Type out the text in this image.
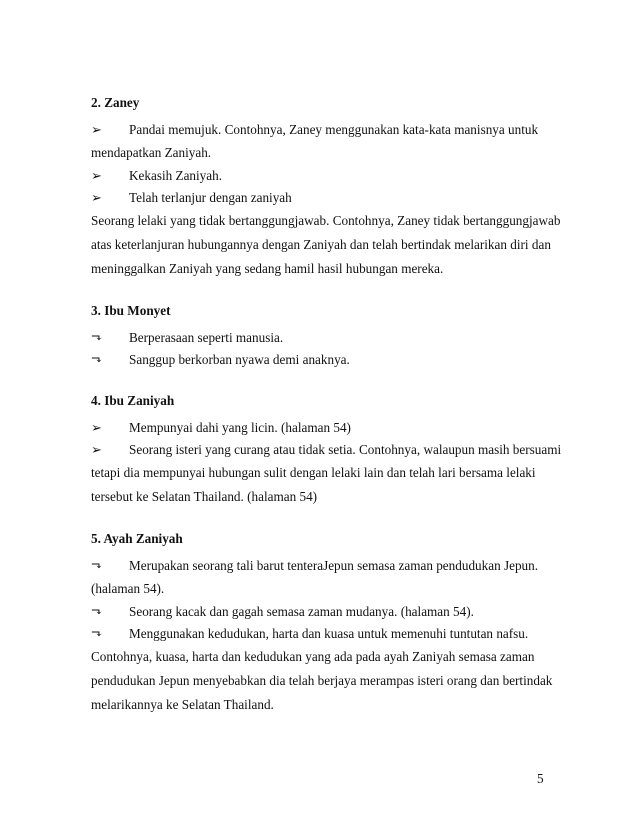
2. Zaney
➢	Pandai memujuk. Contohnya, Zaney menggunakan kata-kata manisnya untuk
mendapatkan Zaniyah.
➢	Kekasih Zaniyah.
➢	Telah terlanjur dengan zaniyah
Seorang lelaki yang tidak bertanggungjawab. Contohnya, Zaney tidak bertanggungjawab
atas keterlanjuran hubungannya dengan Zaniyah dan telah bertindak melarikan diri dan
meninggalkan Zaniyah yang sedang hamil hasil hubungan mereka.
3. Ibu Monyet
⬎	Berperasaan seperti manusia.
⬎	Sanggup berkorban nyawa demi anaknya.
4. Ibu Zaniyah
➢	Mempunyai dahi yang licin. (halaman 54)
➢	Seorang isteri yang curang atau tidak setia. Contohnya, walaupun masih bersuami
tetapi dia mempunyai hubungan sulit dengan lelaki lain dan telah lari bersama lelaki
tersebut ke Selatan Thailand. (halaman 54)
5. Ayah Zaniyah
⬎	Merupakan seorang tali barut tenteraJepun semasa zaman pendudukan Jepun.
(halaman 54).
⬎	Seorang kacak dan gagah semasa zaman mudanya. (halaman 54).
⬎	Menggunakan kedudukan, harta dan kuasa untuk memenuhi tuntutan nafsu.
Contohnya, kuasa, harta dan kedudukan yang ada pada ayah Zaniyah semasa zaman
pendudukan Jepun menyebabkan dia telah berjaya merampas isteri orang dan bertindak
melarikannya ke Selatan Thailand.
5
